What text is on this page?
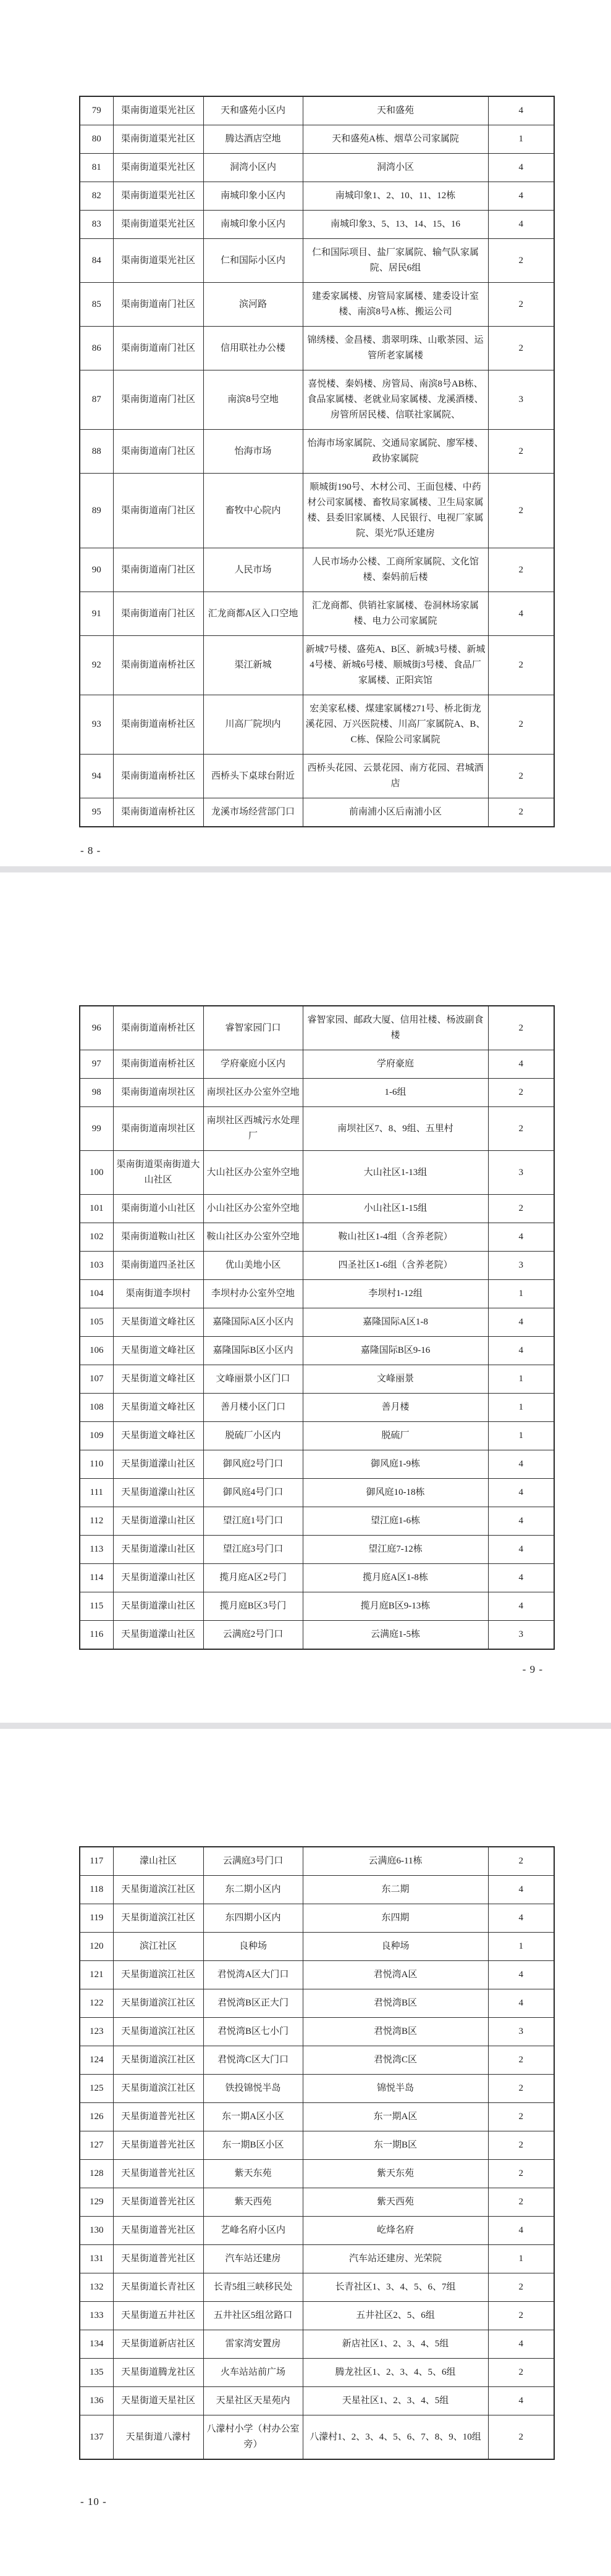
79	渠南街道渠光社区	天和盛苑小区内	天和盛苑	4
80	渠南街道渠光社区	腾达酒店空地	天和盛苑A栋、烟草公司家属院	1
81	渠南街道渠光社区	洞湾小区内	洞湾小区	4
82	渠南街道渠光社区	南城印象小区内	南城印象1、2、10、11、12栋	4
83	渠南街道渠光社区	南城印象小区内	南城印象3、5、13、14、15、16	4
84	渠南街道渠光社区	仁和国际小区内	仁和国际项目、盐厂家属院、输气队家属院、居民6组	2
85	渠南街道南门社区	滨河路	建委家属楼、房管局家属楼、建委设计室楼、南滨8号A栋、搬运公司	2
86	渠南街道南门社区	信用联社办公楼	锦绣楼、金昌楼、翡翠明珠、山歌茶园、运管所老家属楼	2
87	渠南街道南门社区	南滨8号空地	喜悦楼、秦妈楼、房管局、南滨8号AB栋、食品家属楼、老就业局家属楼、龙溪酒楼、房管所居民楼、信联社家属院、	3
88	渠南街道南门社区	怡海市场	怡海市场家属院、交通局家属院、廖军楼、政协家属院	2
89	渠南街道南门社区	畜牧中心院内	顺城街190号、木材公司、王面包楼、中药材公司家属楼、畜牧局家属楼、卫生局家属楼、县委旧家属楼、人民银行、电视厂家属院、渠光7队还建房	2
90	渠南街道南门社区	人民市场	人民市场办公楼、工商所家属院、文化馆楼、秦妈前后楼	2
91	渠南街道南门社区	汇龙商都A区入口空地	汇龙商都、供销社家属楼、卷洞林场家属楼、电力公司家属院	4
92	渠南街道南桥社区	渠江新城	新城7号楼、盛苑A、B区、新城3号楼、新城4号楼、新城6号楼、顺城街3号楼、食品厂家属楼、正阳宾馆	2
93	渠南街道南桥社区	川高厂院坝内	宏美家私楼、煤建家属楼271号、桥北街龙溪花园、万兴医院楼、川高厂家属院A、B、C栋、保险公司家属院	2
94	渠南街道南桥社区	西桥头下桌球台附近	西桥头花园、云景花园、南方花园、君城酒店	2
95	渠南街道南桥社区	龙溪市场经营部门口	前南浦小区后南浦小区	2
- 8 -
96	渠南街道南桥社区	睿智家园门口	睿智家园、邮政大厦、信用社楼、杨波副食楼	2
97	渠南街道南桥社区	学府豪庭小区内	学府豪庭	4
98	渠南街道南坝社区	南坝社区办公室外空地	1-6组	2
99	渠南街道南坝社区	南坝社区西城污水处理厂	南坝社区7、8、9组、五里村	2
100	渠南街道渠南街道大山社区	大山社区办公室外空地	大山社区1-13组	3
101	渠南街道小山社区	小山社区办公室外空地	小山社区1-15组	2
102	渠南街道鞍山社区	鞍山社区办公室外空地	鞍山社区1-4组（含养老院）	4
103	渠南街道四圣社区	优山美地小区	四圣社区1-6组（含养老院）	3
104	渠南街道李坝村	李坝村办公室外空地	李坝村1-12组	1
105	天星街道文峰社区	嘉隆国际A区小区内	嘉隆国际A区1-8	4
106	天星街道文峰社区	嘉隆国际B区小区内	嘉隆国际B区9-16	4
107	天星街道文峰社区	文峰丽景小区门口	文峰丽景	1
108	天星街道文峰社区	善月楼小区门口	善月楼	1
109	天星街道文峰社区	脱硫厂小区内	脱硫厂	1
110	天星街道濛山社区	御风庭2号门口	御风庭1-9栋	4
111	天星街道濛山社区	御风庭4号门口	御风庭10-18栋	4
112	天星街道濛山社区	望江庭1号门口	望江庭1-6栋	4
113	天星街道濛山社区	望江庭3号门口	望江庭7-12栋	4
114	天星街道濛山社区	揽月庭A区2号门	揽月庭A区1-8栋	4
115	天星街道濛山社区	揽月庭B区3号门	揽月庭B区9-13栋	4
116	天星街道濛山社区	云满庭2号门口	云满庭1-5栋	3
- 9 -
117	濛山社区	云满庭3号门口	云满庭6-11栋	2
118	天星街道滨江社区	东二期小区内	东二期	4
119	天星街道滨江社区	东四期小区内	东四期	4
120	滨江社区	良种场	良种场	1
121	天星街道滨江社区	君悦湾A区大门口	君悦湾A区	4
122	天星街道滨江社区	君悦湾B区正大门	君悦湾B区	4
123	天星街道滨江社区	君悦湾B区七小门	君悦湾B区	3
124	天星街道滨江社区	君悦湾C区大门口	君悦湾C区	2
125	天星街道滨江社区	铁投锦悦半岛	锦悦半岛	2
126	天星街道普光社区	东一期A区小区	东一期A区	2
127	天星街道普光社区	东一期B区小区	东一期B区	2
128	天星街道普光社区	紫天东苑	紫天东苑	2
129	天星街道普光社区	紫天西苑	紫天西苑	2
130	天星街道普光社区	艺峰名府小区内	屹烽名府	4
131	天星街道普光社区	汽车站还建房	汽车站还建房、光荣院	1
132	天星街道长青社区	长青5组三峡移民处	长青社区1、3、4、5、6、7组	2
133	天星街道五井社区	五井社区5组岔路口	五井社区2、5、6组	2
134	天星街道新店社区	雷家湾安置房	新店社区1、2、3、4、5组	4
135	天星街道腾龙社区	火车站站前广场	腾龙社区1、2、3、4、5、6组	2
136	天星街道天星社区	天星社区天星苑内	天星社区1、2、3、4、5组	4
137	天星街道八濛村	八濛村小学（村办公室旁）	八濛村1、2、3、4、5、6、7、8、9、10组	2
- 10 -
